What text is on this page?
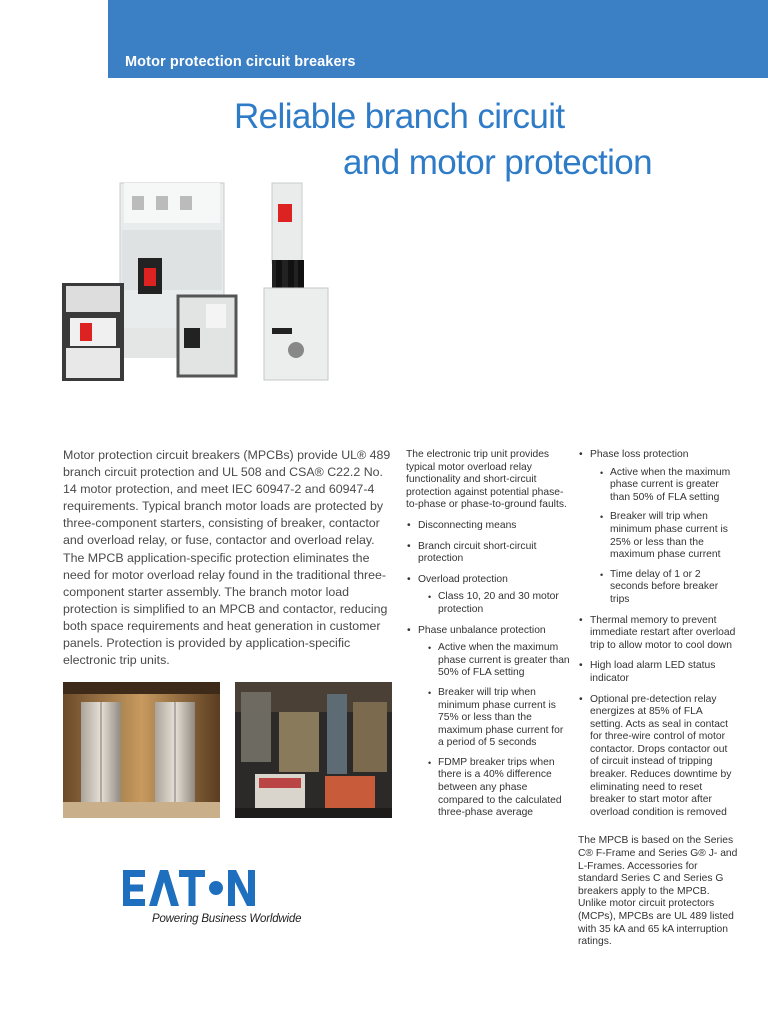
Motor protection circuit breakers
Reliable branch circuit
and motor protection

Motor protection circuit breakers (MPCBs) provide UL® 489 branch circuit protection and UL 508 and CSA® C22.2 No. 14 motor protection, and meet IEC 60947-2 and 60947-4 requirements. Typical branch motor loads are protected by three-component starters, consisting of breaker, contactor and overload relay, or fuse, contactor and overload relay. The MPCB application-specific protection eliminates the need for motor overload relay found in the traditional three-component starter assembly. The branch motor load protection is simplified to an MPCB and contactor, reducing both space requirements and heat generation in customer panels. Protection is provided by application-specific electronic trip units.

The electronic trip unit provides typical motor overload relay functionality and short-circuit protection against potential phase-to-phase or phase-to-ground faults.

• Disconnecting means
• Branch circuit short-circuit protection
• Overload protection
• Class 10, 20 and 30 motor protection
• Phase unbalance protection
• Active when the maximum phase current is greater than 50% of FLA setting
• Breaker will trip when minimum phase current is 75% or less than the maximum phase current for a period of 5 seconds
• FDMP breaker trips when there is a 40% difference between any phase compared to the calculated three-phase average
• Phase loss protection
• Active when the maximum phase current is greater than 50% of FLA setting
• Breaker will trip when minimum phase current is 25% or less than the maximum phase current
• Time delay of 1 or 2 seconds before breaker trips
• Thermal memory to prevent immediate restart after overload trip to allow motor to cool down
• High load alarm LED status indicator
• Optional pre-detection relay energizes at 85% of FLA setting. Acts as seal in contact for three-wire control of motor contactor. Drops contactor out of circuit instead of tripping breaker. Reduces downtime by eliminating need to reset breaker to start motor after overload condition is removed

The MPCB is based on the Series C® F-Frame and Series G® J- and L-Frames. Accessories for standard Series C and Series G breakers apply to the MPCB. Unlike motor circuit protectors (MCPs), MPCBs are UL 489 listed with 35 kA and 65 kA interruption ratings.

Powering Business Worldwide
